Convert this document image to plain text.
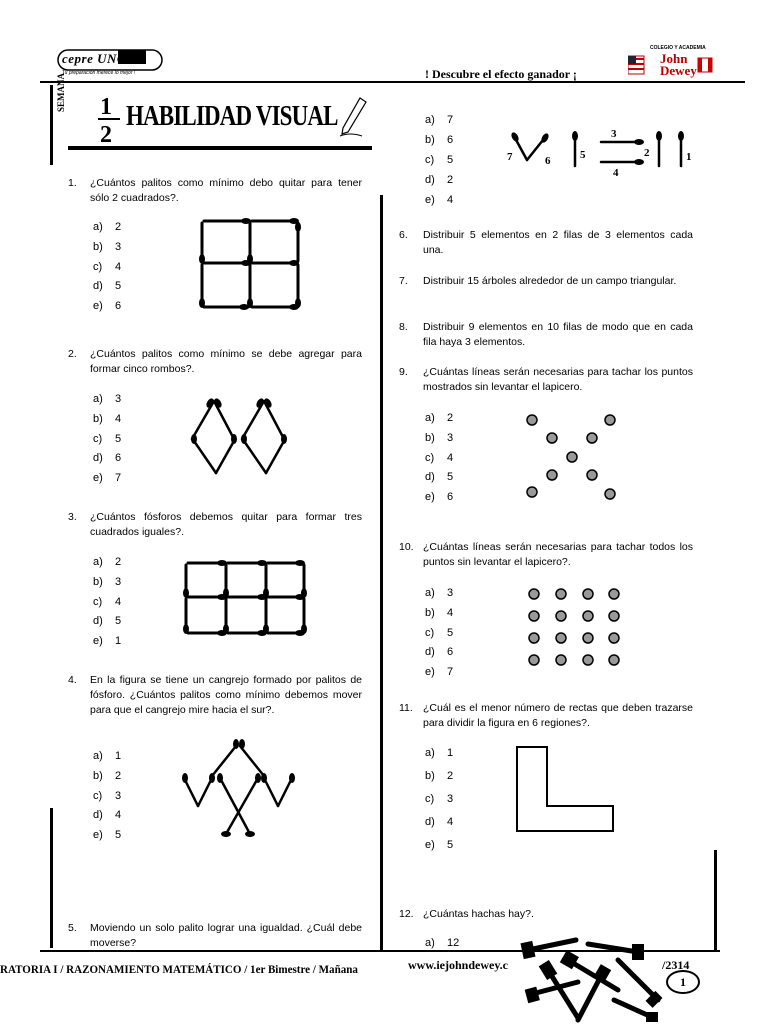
cepre UNCP
Tu preparación merece lo mejor !	! Descubre el efecto ganador ¡
COLEGIO Y ACADEMIA
John
Dewey
SEMANA 1
2
HABILIDAD VISUAL
1. ¿Cuántos palitos como mínimo debo quitar para tener sólo 2 cuadrados?.
a) 2
b) 3
c) 4
d) 5
e) 6
2. ¿Cuántos palitos como mínimo se debe agregar para formar cinco rombos?.
a) 3
b) 4
c) 5
d) 6
e) 7
3. ¿Cuántos fósforos debemos quitar para formar tres cuadrados iguales?.
a) 2
b) 3
c) 4
d) 5
e) 1
4. En la figura se tiene un cangrejo formado por palitos de fósforo. ¿Cuántos palitos como mínimo debemos mover para que el cangrejo mire hacia el sur?.
a) 1
b) 2
c) 3
d) 4
e) 5
5. Moviendo un solo palito lograr una igualdad. ¿Cuál debe moverse?
a) 7
b) 6
c) 5
d) 2
e) 4
7	6	5
3
4
2	1
6. Distribuir 5 elementos en 2 filas de 3 elementos cada una.
7. Distribuir 15 árboles alrededor de un campo triangular.
8. Distribuir 9 elementos en 10 filas de modo que en cada fila haya 3 elementos.
9. ¿Cuántas líneas serán necesarias para tachar los puntos mostrados sin levantar el lapicero.
a) 2
b) 3
c) 4
d) 5
e) 6
10. ¿Cuántas líneas serán necesarias para tachar todos los puntos sin levantar el lapicero?.
a) 3
b) 4
c) 5
d) 6
e) 7
11. ¿Cuál es el menor número de rectas que deben trazarse para dividir la figura en 6 regiones?.
a) 1
b) 2
c) 3
d) 4
e) 5
12. ¿Cuántas hachas hay?.
a) 12
RATORIA I / RAZONAMIENTO MATEMÁTICO / 1er Bimestre / Mañana	www.iejohndewey.c	/2314
1
